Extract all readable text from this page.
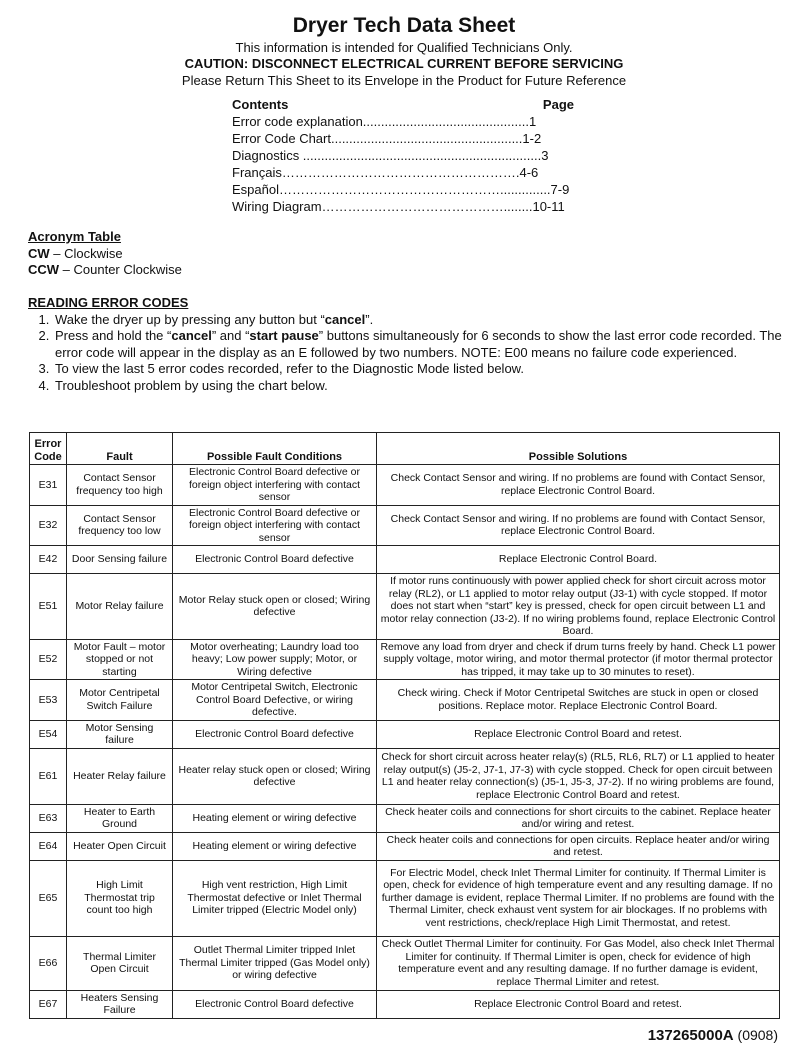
Dryer Tech Data Sheet
This information is intended for Qualified Technicians Only.
CAUTION: DISCONNECT ELECTRICAL CURRENT BEFORE SERVICING
Please Return This Sheet to its Envelope in the Product for Future Reference
Contents	Page
Error code explanation..............................................1
Error Code Chart.....................................................1-2
Diagnostics ..................................................................3
Français……………………………………………….4-6
Español……………………………………………..............7-9
Wiring Diagram……………………………………........10-11
Acronym Table
CW – Clockwise
CCW – Counter Clockwise
READING ERROR CODES
1. Wake the dryer up by pressing any button but “cancel”.
2. Press and hold the “cancel” and “start pause” buttons simultaneously for 6 seconds to show the last error code recorded. The error code will appear in the display as an E followed by two numbers. NOTE: E00 means no failure code experienced.
3. To view the last 5 error codes recorded, refer to the Diagnostic Mode listed below.
4. Troubleshoot problem by using the chart below.
Error Code	Fault	Possible Fault Conditions	Possible Solutions
E31	Contact Sensor frequency too high	Electronic Control Board defective or foreign object interfering with contact sensor	Check Contact Sensor and wiring. If no problems are found with Contact Sensor, replace Electronic Control Board.
E32	Contact Sensor frequency too low	Electronic Control Board defective or foreign object interfering with contact sensor	Check Contact Sensor and wiring. If no problems are found with Contact Sensor, replace Electronic Control Board.
E42	Door Sensing failure	Electronic Control Board defective	Replace Electronic Control Board.
E51	Motor Relay failure	Motor Relay stuck open or closed; Wiring defective	If motor runs continuously with power applied check for short circuit across motor relay (RL2), or L1 applied to motor relay output (J3-1) with cycle stopped. If motor does not start when “start” key is pressed, check for open circuit between L1 and motor relay connection (J3-2). If no wiring problems found, replace Electronic Control Board.
E52	Motor Fault – motor stopped or not starting	Motor overheating; Laundry load too heavy; Low power supply; Motor, or Wiring defective	Remove any load from dryer and check if drum turns freely by hand. Check L1 power supply voltage, motor wiring, and motor thermal protector (if motor thermal protector has tripped, it may take up to 30 minutes to reset).
E53	Motor Centripetal Switch Failure	Motor Centripetal Switch, Electronic Control Board Defective, or wiring defective.	Check wiring. Check if Motor Centripetal Switches are stuck in open or closed positions. Replace motor. Replace Electronic Control Board.
E54	Motor Sensing failure	Electronic Control Board defective	Replace Electronic Control Board and retest.
E61	Heater Relay failure	Heater relay stuck open or closed; Wiring defective	Check for short circuit across heater relay(s) (RL5, RL6, RL7) or L1 applied to heater relay output(s) (J5-2, J7-1, J7-3) with cycle stopped. Check for open circuit between L1 and heater relay connection(s) (J5-1, J5-3, J7-2). If no wiring problems are found, replace Electronic Control Board and retest.
E63	Heater to Earth Ground	Heating element or wiring defective	Check heater coils and connections for short circuits to the cabinet. Replace heater and/or wiring and retest.
E64	Heater Open Circuit	Heating element or wiring defective	Check heater coils and connections for open circuits. Replace heater and/or wiring and retest.
E65	High Limit Thermostat trip count too high	High vent restriction, High Limit Thermostat defective or Inlet Thermal Limiter tripped (Electric Model only)	For Electric Model, check Inlet Thermal Limiter for continuity. If Thermal Limiter is open, check for evidence of high temperature event and any resulting damage. If no further damage is evident, replace Thermal Limiter. If no problems are found with the Thermal Limiter, check exhaust vent system for air blockages. If no problems with vent restrictions, check/replace High Limit Thermostat, and retest.
E66	Thermal Limiter Open Circuit	Outlet Thermal Limiter tripped Inlet Thermal Limiter tripped (Gas Model only) or wiring defective	Check Outlet Thermal Limiter for continuity. For Gas Model, also check Inlet Thermal Limiter for continuity. If Thermal Limiter is open, check for evidence of high temperature event and any resulting damage. If no further damage is evident, replace Thermal Limiter and retest.
E67	Heaters Sensing Failure	Electronic Control Board defective	Replace Electronic Control Board and retest.
137265000A (0908)
